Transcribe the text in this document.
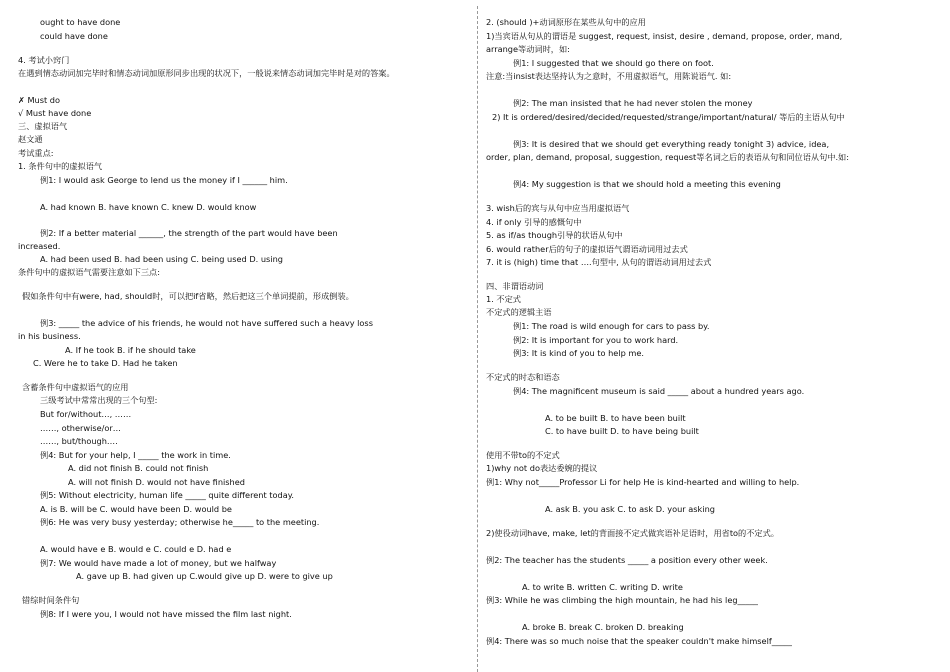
ought to have done
could have done
4. 考试小窍门
在遇到情态动词加完毕时和情态动词加原形同步出现的状况下，一般说来情态动词加完毕时是对的答案。
✗ Must do
√ Must have done
三、虚拟语气
赵文通
考试重点:
1. 条件句中的虚拟语气
例1: I would ask George to lend us the money if I ______ him.
A. had known B. have known C. knew D. would know
例2: If a better material ______, the strength of the part would have been
increased.
A. had been used B. had been using C. being used D. using
条件句中的虚拟语气需要注意如下三点:
假如条件句中有were, had, should时，可以把if省略，然后把这三个单词提前，形成倒装。
例3: _____ the advice of his friends, he would not have suffered such a heavy loss
in his business.
A. If he took B. if he should take
C. Were he to take D. Had he taken
含蓄条件句中虚拟语气的应用
三级考试中常常出现的三个句型:
But for/without…, ……
……, otherwise/or…
……, but/though….
例4: But for your help, I _____ the work in time.
A. did not finish B. could not finish
A. will not finish D. would not have finished
例5: Without electricity, human life _____ quite different today.
A. is B. will be C. would have been D. would be
例6: He was very busy yesterday; otherwise he_____ to the meeting.
A. would have e B. would e C. could e D. had e
例7: We would have made a lot of money, but we halfway
A. gave up B. had given up C.would give up D. were to give up
错综时间条件句
例8: If I were you, I would not have missed the film last night.
2. (should )+动词原形在某些从句中的应用
1)当宾语从句从的谓语是 suggest, request, insist, desire , demand, propose, order, mand,
arrange等动词时，如:
例1: I suggested that we should go there on foot.
注意:当insist表达坚持认为之意时，不用虚拟语气，用陈说语气. 如:
例2: The man insisted that he had never stolen the money
2) It is ordered/desired/decided/requested/strange/important/natural/ 等后的主语从句中
例3: It is desired that we should get everything ready tonight 3) advice, idea,
order, plan, demand, proposal, suggestion, request等名词之后的表语从句和同位语从句中.如:
例4: My suggestion is that we should hold a meeting this evening
3. wish后的宾与从句中应当用虚拟语气
4. if only 引导的感慨句中
5. as if/as though引导的状语从句中
6. would rather后的句子的虚拟语气谓语动词用过去式
7. it is (high) time that ….句型中, 从句的谓语动词用过去式
四、非谓语动词
1. 不定式
不定式的逻辑主语
例1: The road is wild enough for cars to pass by.
例2: It is important for you to work hard.
例3: It is kind of you to help me.
不定式的时态和语态
例4: The magnificent museum is said _____ about a hundred years ago.
A. to be built B. to have been built
C. to have built D. to have being built
使用不带to的不定式
1)why not do表达委婉的提议
例1: Why not_____Professor Li for help He is kind-hearted and willing to help.
A. ask B. you ask C. to ask D. your asking
2)使役动词have, make, let的背面接不定式做宾语补足语时，用省to的不定式。
例2: The teacher has the students _____ a position every other week.
A. to write B. written C. writing D. write
例3: While he was climbing the high mountain, he had his leg_____
A. broke B. break C. broken D. breaking
例4: There was so much noise that the speaker couldn't make himself_____
